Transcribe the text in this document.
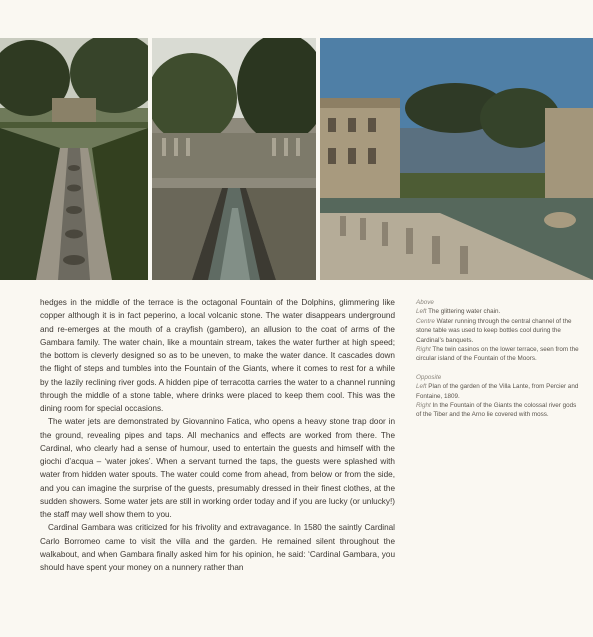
hedges in the middle of the terrace is the octagonal Fountain of the Dolphins, glimmering like copper although it is in fact peperino, a local volcanic stone. The water disappears underground and re-emerges at the mouth of a crayfish (gambero), an allusion to the coat of arms of the Gambara family. The water chain, like a mountain stream, takes the water further at high speed; the bottom is cleverly designed so as to be uneven, to make the water dance. It cascades down the flight of steps and tumbles into the Fountain of the Giants, where it comes to rest for a while by the lazily reclining river gods. A hidden pipe of terracotta carries the water to a channel running through the middle of a stone table, where drinks were placed to keep them cool. This was the dining room for special occasions.

The water jets are demonstrated by Giovannino Fatica, who opens a heavy stone trap door in the ground, revealing pipes and taps. All mechanics and effects are worked from there. The Cardinal, who clearly had a sense of humour, used to entertain the guests and himself with the giochi d’acqua – ‘water jokes’. When a servant turned the taps, the guests were splashed with water from hidden water spouts. The water could come from ahead, from below or from the side, and you can imagine the surprise of the guests, presumably dressed in their finest clothes, at the sudden showers. Some water jets are still in working order today and if you are lucky (or unlucky!) the staff may well show them to you.

Cardinal Gambara was criticized for his frivolity and extravagance. In 1580 the saintly Cardinal Carlo Borromeo came to visit the villa and the garden. He remained silent throughout the walkabout, and when Gambara finally asked him for his opinion, he said: ‘Cardinal Gambara, you should have spent your money on a nunnery rather than

Above
Left The glittering water chain.
Centre Water running through the central channel of the stone table was used to keep bottles cool during the Cardinal’s banquets.
Right The twin casinos on the lower terrace, seen from the circular island of the Fountain of the Moors.
Opposite
Left Plan of the garden of the Villa Lante, from Percier and Fontaine, 1809.
Right In the Fountain of the Giants the colossal river gods of the Tiber and the Arno lie covered with moss.
